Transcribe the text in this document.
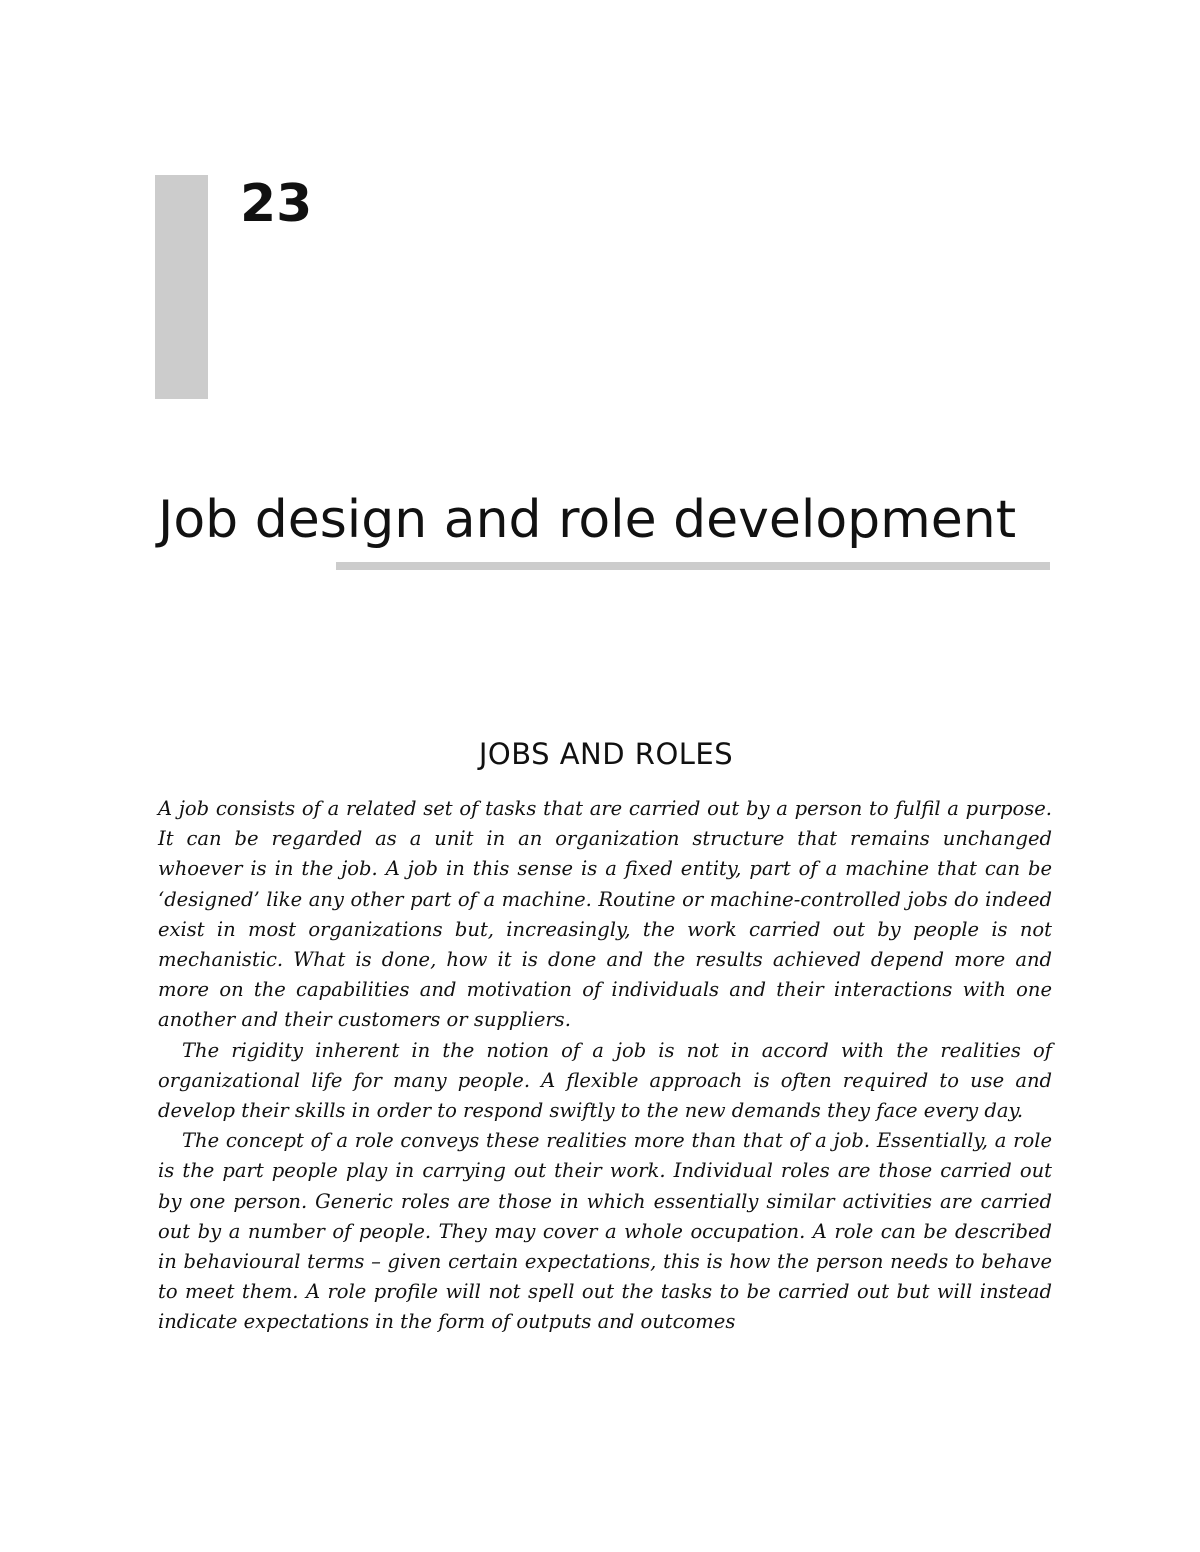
23
Job design and role development
JOBS AND ROLES

A job consists of a related set of tasks that are carried out by a person to fulfil a purpose. It can be regarded as a unit in an organization structure that remains unchanged whoever is in the job. A job in this sense is a fixed entity, part of a machine that can be ‘designed’ like any other part of a machine. Routine or machine-controlled jobs do indeed exist in most organizations but, increasingly, the work carried out by people is not mechanistic. What is done, how it is done and the results achieved depend more and more on the capabilities and motivation of individuals and their interactions with one another and their customers or suppliers.

The rigidity inherent in the notion of a job is not in accord with the realities of organizational life for many people. A flexible approach is often required to use and develop their skills in order to respond swiftly to the new demands they face every day.

The concept of a role conveys these realities more than that of a job. Essentially, a role is the part people play in carrying out their work. Individual roles are those carried out by one person. Generic roles are those in which essentially similar activities are carried out by a number of people. They may cover a whole occupation. A role can be described in behavioural terms – given certain expectations, this is how the person needs to behave to meet them. A role profile will not spell out the tasks to be carried out but will instead indicate expectations in the form of outputs and outcomes
